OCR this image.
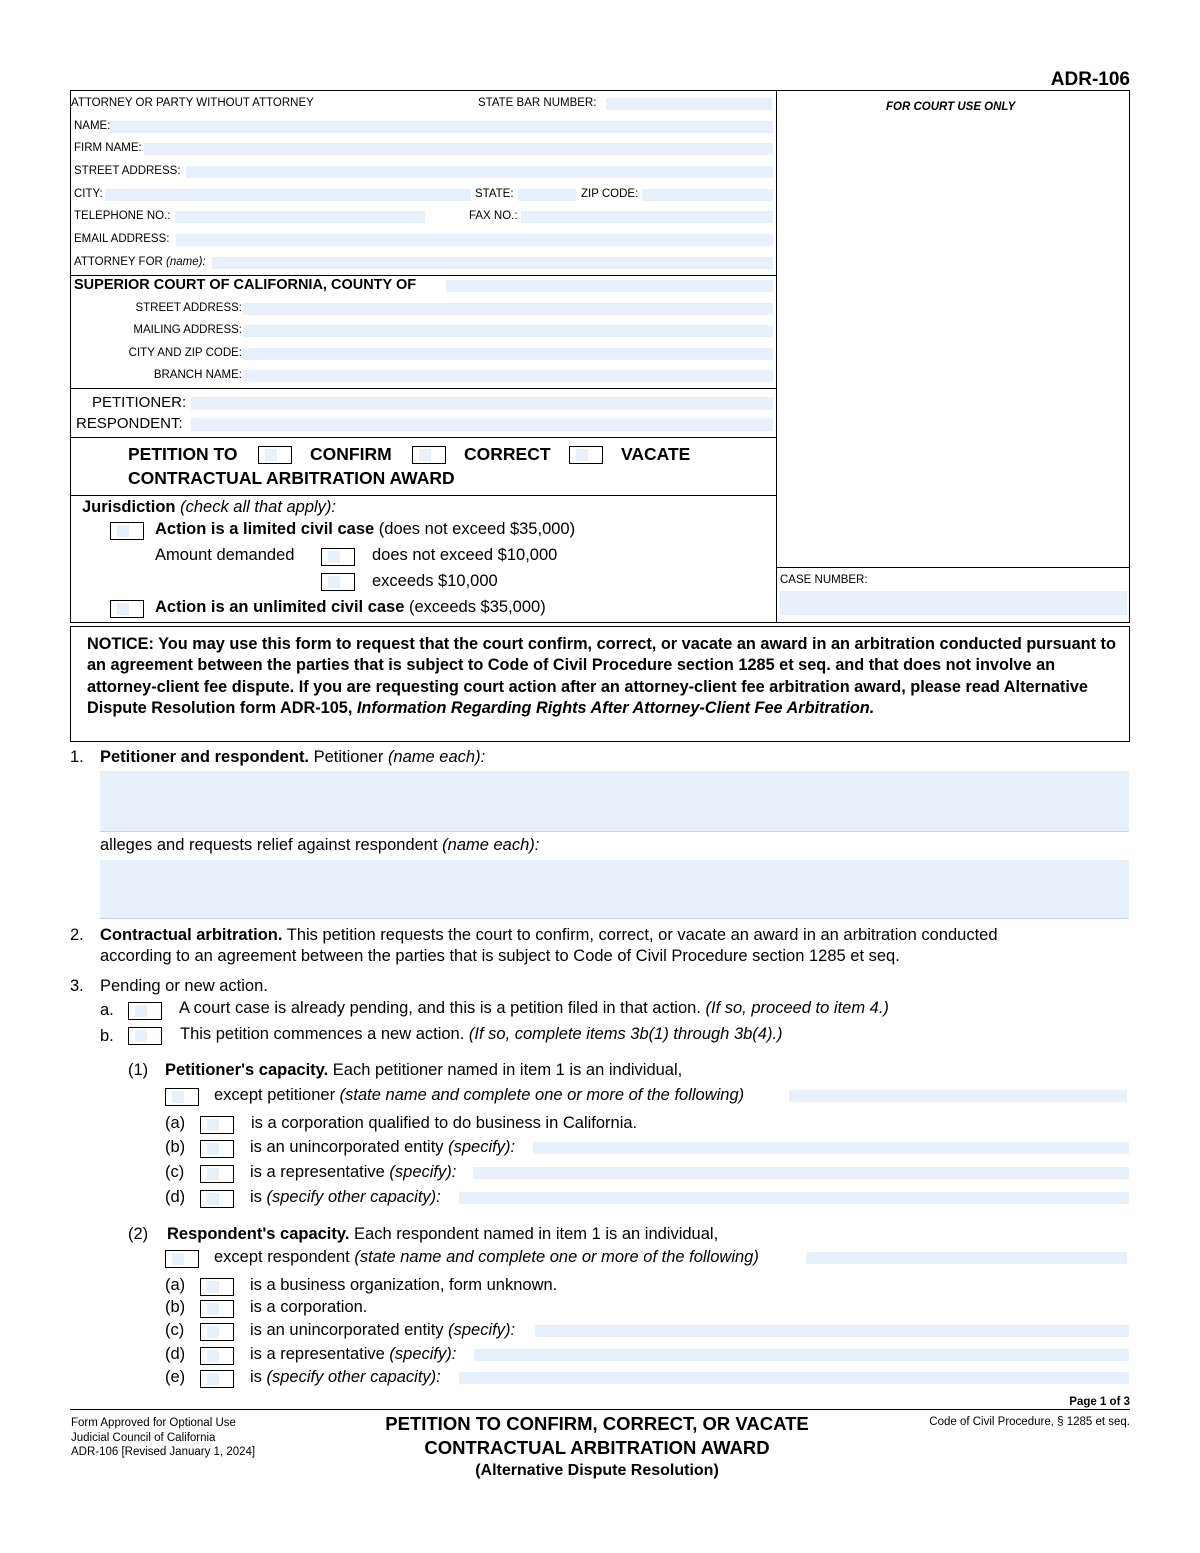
ADR-106
FOR COURT USE ONLY
CASE NUMBER:
ATTORNEY OR PARTY WITHOUT ATTORNEY	STATE BAR NUMBER:
NAME:
FIRM NAME:
STREET ADDRESS:
CITY:	STATE:	ZIP CODE:
TELEPHONE NO.:	FAX NO.:
EMAIL ADDRESS:
ATTORNEY FOR (name):
SUPERIOR COURT OF CALIFORNIA, COUNTY OF
STREET ADDRESS:
MAILING ADDRESS:
CITY AND ZIP CODE:
BRANCH NAME:
PETITIONER:
RESPONDENT:
PETITION TO	CONFIRM	CORRECT	VACATE
CONTRACTUAL ARBITRATION AWARD
Jurisdiction (check all that apply):
Action is a limited civil case (does not exceed $35,000)
Amount demanded	does not exceed $10,000
exceeds $10,000
Action is an unlimited civil case (exceeds $35,000)
NOTICE: You may use this form to request that the court confirm, correct, or vacate an award in an arbitration conducted pursuant to an agreement between the parties that is subject to Code of Civil Procedure section 1285 et seq. and that does not involve an attorney-client fee dispute. If you are requesting court action after an attorney-client fee arbitration award, please read Alternative Dispute Resolution form ADR-105, Information Regarding Rights After Attorney-Client Fee Arbitration.
1. Petitioner and respondent. Petitioner (name each):
alleges and requests relief against respondent (name each):
2. Contractual arbitration. This petition requests the court to confirm, correct, or vacate an award in an arbitration conducted
according to an agreement between the parties that is subject to Code of Civil Procedure section 1285 et seq.
3. Pending or new action.
a.	A court case is already pending, and this is a petition filed in that action. (If so, proceed to item 4.)
b.	This petition commences a new action. (If so, complete items 3b(1) through 3b(4).)
(1) Petitioner's capacity. Each petitioner named in item 1 is an individual,
except petitioner (state name and complete one or more of the following)
(a)	is a corporation qualified to do business in California.
(b)	is an unincorporated entity (specify):
(c)	is a representative (specify):
(d)	is (specify other capacity):
(2) Respondent's capacity. Each respondent named in item 1 is an individual,
except respondent (state name and complete one or more of the following)
(a)	is a business organization, form unknown.
(b)	is a corporation.
(c)	is an unincorporated entity (specify):
(d)	is a representative (specify):
(e)	is (specify other capacity):
Page 1 of 3
Form Approved for Optional Use
Judicial Council of California
ADR-106 [Revised January 1, 2024]
PETITION TO CONFIRM, CORRECT, OR VACATE
CONTRACTUAL ARBITRATION AWARD
(Alternative Dispute Resolution)
Code of Civil Procedure, § 1285 et seq.
